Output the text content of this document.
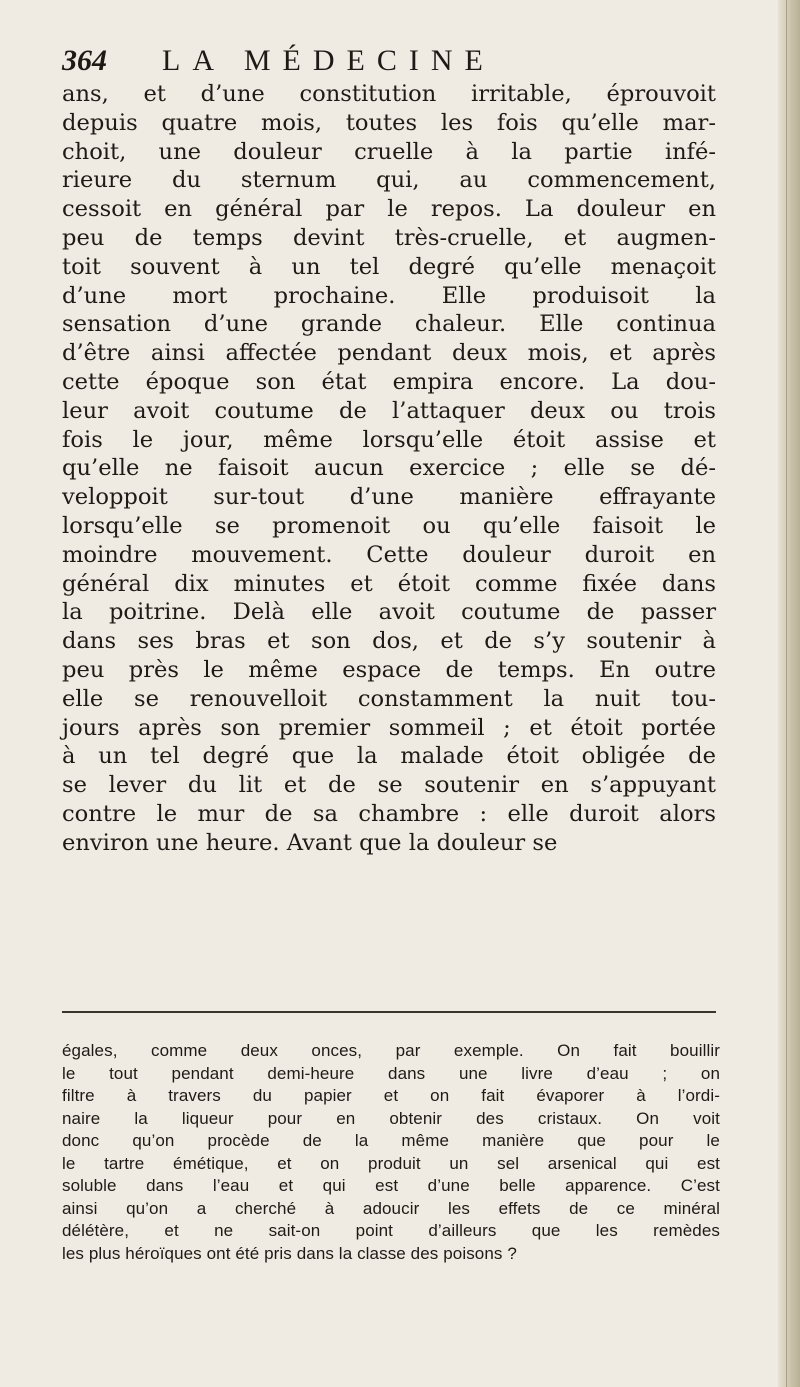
364 LA MÉDECINE
ans, et d’une constitution irritable, éprouvoit
depuis quatre mois, toutes les fois qu’elle mar-
choit, une douleur cruelle à la partie infé-
rieure du sternum qui, au commencement,
cessoit en général par le repos. La douleur en
peu de temps devint très-cruelle, et augmen-
toit souvent à un tel degré qu’elle menaçoit
d’une mort prochaine. Elle produisoit la
sensation d’une grande chaleur. Elle continua
d’être ainsi affectée pendant deux mois, et après
cette époque son état empira encore. La dou-
leur avoit coutume de l’attaquer deux ou trois
fois le jour, même lorsqu’elle étoit assise et
qu’elle ne faisoit aucun exercice ; elle se dé-
veloppoit sur-tout d’une manière effrayante
lorsqu’elle se promenoit ou qu’elle faisoit le
moindre mouvement. Cette douleur duroit en
général dix minutes et étoit comme fixée dans
la poitrine. Delà elle avoit coutume de passer
dans ses bras et son dos, et de s’y soutenir à
peu près le même espace de temps. En outre
elle se renouvelloit constamment la nuit tou-
jours après son premier sommeil ; et étoit portée
à un tel degré que la malade étoit obligée de
se lever du lit et de se soutenir en s’appuyant
contre le mur de sa chambre : elle duroit alors
environ une heure. Avant que la douleur se
égales, comme deux onces, par exemple. On fait bouillir
le tout pendant demi-heure dans une livre d’eau ; on
filtre à travers du papier et on fait évaporer à l’ordi-
naire la liqueur pour en obtenir des cristaux. On voit
donc qu’on procède de la même manière que pour le
le tartre émétique, et on produit un sel arsenical qui est
soluble dans l’eau et qui est d’une belle apparence. C’est
ainsi qu’on a cherché à adoucir les effets de ce minéral
délétère, et ne sait-on point d’ailleurs que les remèdes
les plus héroïques ont été pris dans la classe des poisons ?
